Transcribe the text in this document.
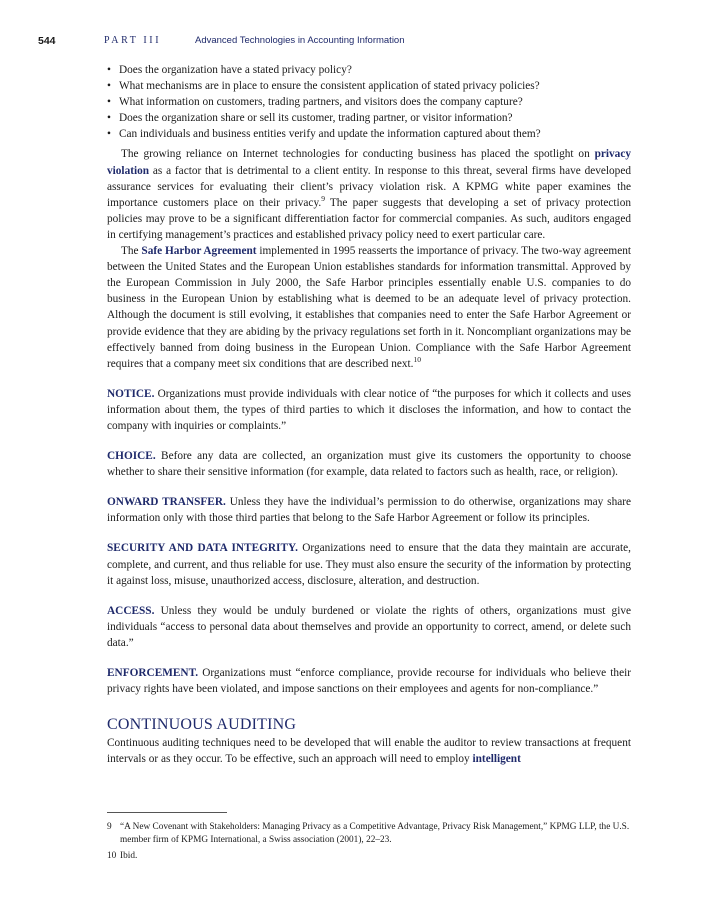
544	PART III	Advanced Technologies in Accounting Information
• Does the organization have a stated privacy policy?
• What mechanisms are in place to ensure the consistent application of stated privacy policies?
• What information on customers, trading partners, and visitors does the company capture?
• Does the organization share or sell its customer, trading partner, or visitor information?
• Can individuals and business entities verify and update the information captured about them?

The growing reliance on Internet technologies for conducting business has placed the spotlight on privacy violation as a factor that is detrimental to a client entity. In response to this threat, several firms have developed assurance services for evaluating their client’s privacy violation risk. A KPMG white paper examines the importance customers place on their privacy.$^9$ The paper suggests that developing a set of privacy protection policies may prove to be a significant differentiation factor for commercial companies. As such, auditors engaged in certifying management’s practices and established privacy policy need to exert particular care.

The Safe Harbor Agreement implemented in 1995 reasserts the importance of privacy. The two-way agreement between the United States and the European Union establishes standards for information transmittal. Approved by the European Commission in July 2000, the Safe Harbor principles essentially enable U.S. companies to do business in the European Union by establishing what is deemed to be an adequate level of privacy protection. Although the document is still evolving, it establishes that companies need to enter the Safe Harbor Agreement or provide evidence that they are abiding by the privacy regulations set forth in it. Noncompliant organizations may be effectively banned from doing business in the European Union. Compliance with the Safe Harbor Agreement requires that a company meet six conditions that are described next.$^{10}$

NOTICE. Organizations must provide individuals with clear notice of “the purposes for which it collects and uses information about them, the types of third parties to which it discloses the information, and how to contact the company with inquiries or complaints.”

CHOICE. Before any data are collected, an organization must give its customers the opportunity to choose whether to share their sensitive information (for example, data related to factors such as health, race, or religion).

ONWARD TRANSFER. Unless they have the individual’s permission to do otherwise, organizations may share information only with those third parties that belong to the Safe Harbor Agreement or follow its principles.

SECURITY AND DATA INTEGRITY. Organizations need to ensure that the data they maintain are accurate, complete, and current, and thus reliable for use. They must also ensure the security of the information by protecting it against loss, misuse, unauthorized access, disclosure, alteration, and destruction.

ACCESS. Unless they would be unduly burdened or violate the rights of others, organizations must give individuals “access to personal data about themselves and provide an opportunity to correct, amend, or delete such data.”

ENFORCEMENT. Organizations must “enforce compliance, provide recourse for individuals who believe their privacy rights have been violated, and impose sanctions on their employees and agents for non-compliance.”

CONTINUOUS AUDITING

Continuous auditing techniques need to be developed that will enable the auditor to review transactions at frequent intervals or as they occur. To be effective, such an approach will need to employ intelligent

9 “A New Covenant with Stakeholders: Managing Privacy as a Competitive Advantage, Privacy Risk Management,” KPMG LLP, the U.S. member firm of KPMG International, a Swiss association (2001), 22–23.
10 Ibid.
